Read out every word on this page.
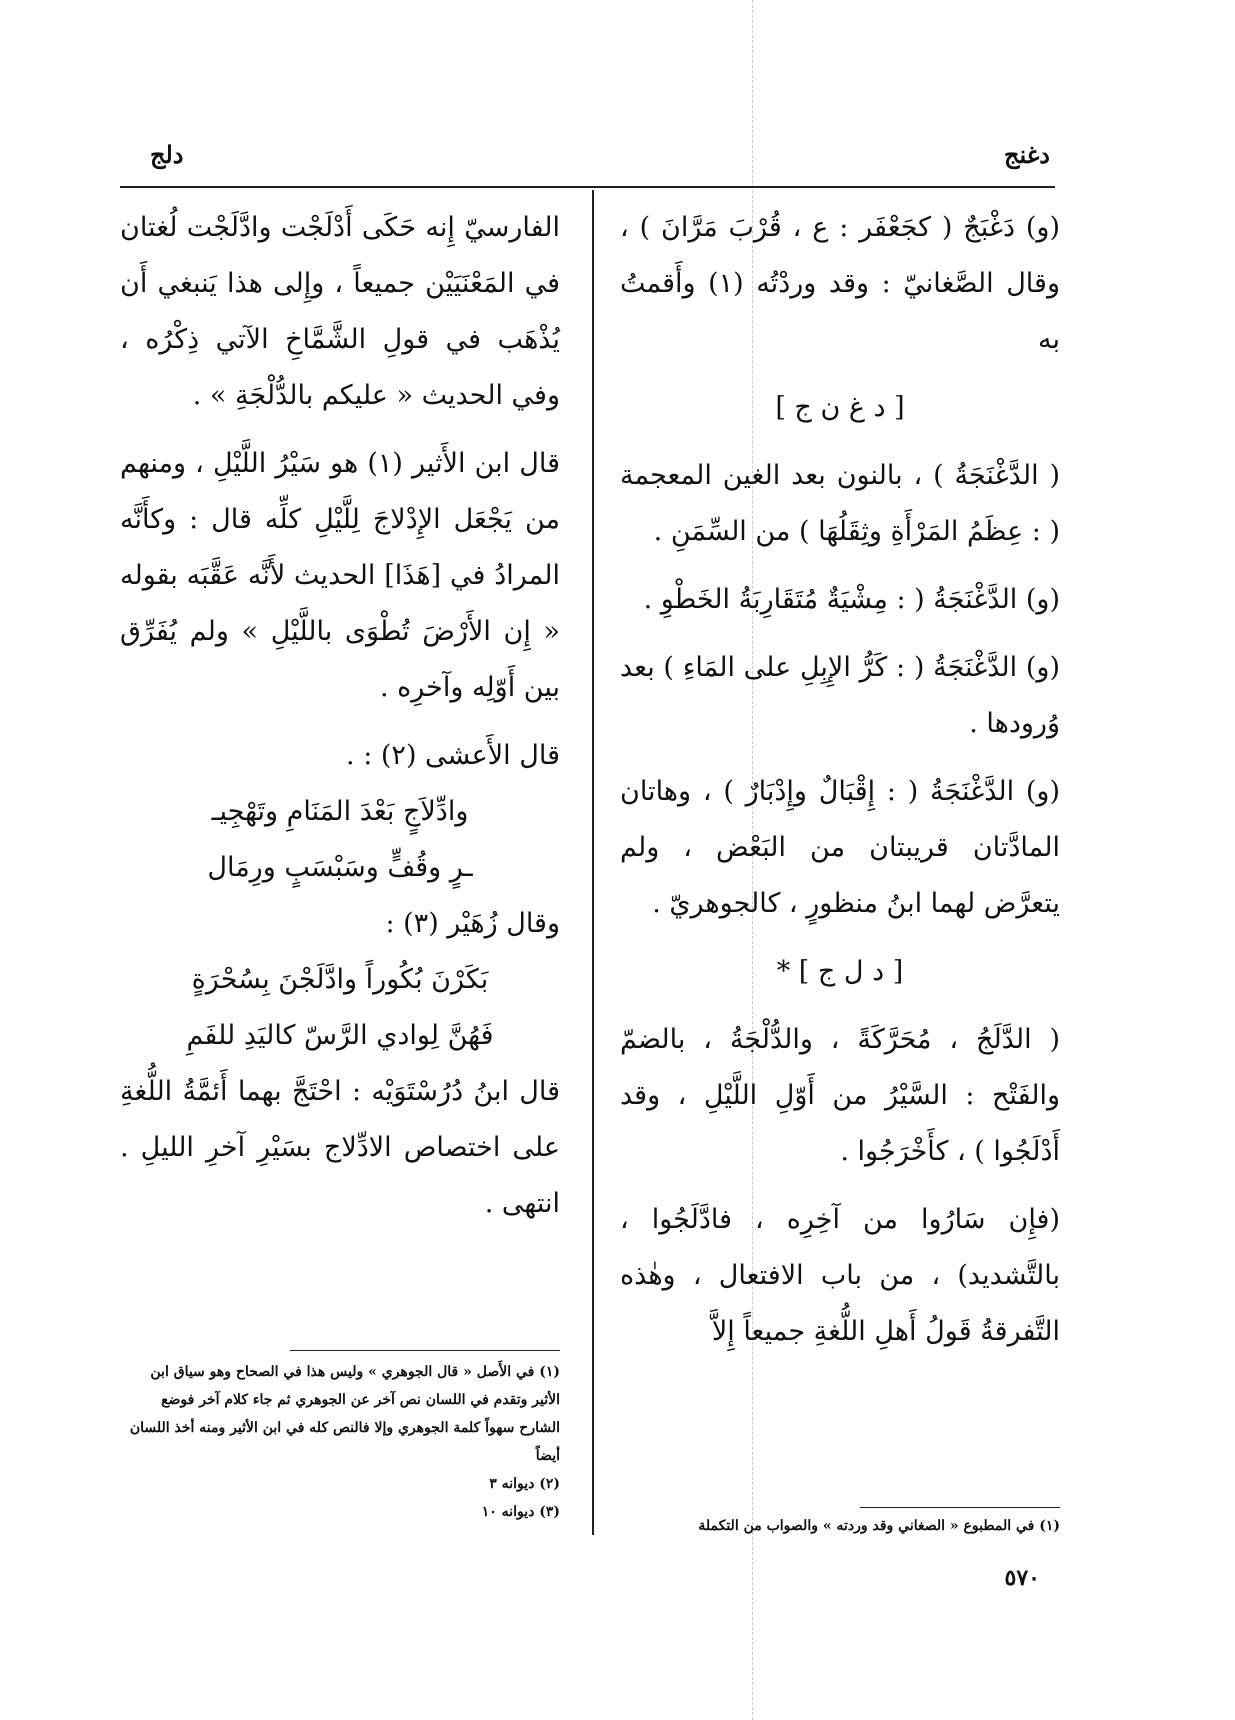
دغنج
دلج

(و) دَغْبَجٌ ( كجَعْفَر : ع ، قُرْبَ مَرَّانَ ) ، وقال الصَّغانيّ : وقد وردْتُه (١) وأَقمتُ به

[ د غ ن ج ]

( الدَّغْنَجَةُ ) ، بالنون بعد الغين المعجمة ( : عِظَمُ المَرْأَةِ وثِقَلُهَا ) من السِّمَنِ .

(و) الدَّغْنَجَةُ ( : مِشْيَةٌ مُتَقَارِبَةُ الخَطْوِ .

(و) الدَّغْنَجَةُ ( : كَرُّ الإِبِلِ على المَاءِ ) بعد وُرودها .

(و) الدَّغْنَجَةُ ( : إِقْبَالٌ وإِدْبَارٌ ) ، وهاتان المادَّتان قريبتان من البَعْض ، ولم يتعرَّض لهما ابنُ منظورٍ ، كالجوهريّ .

[ د ل ج ] *

( الدَّلَجُ ، مُحَرَّكَةً ، والدُّلْجَةُ ، بالضمّ والفَتْح : السَّيْرُ من أَوّلِ اللَّيْلِ ، وقد أَدْلَجُوا ) ، كأَخْرَجُوا .

(فإِن سَارُوا من آخِرِه ، فادَّلَجُوا ، بالتَّشديد) ، من باب الافتعال ، وهٰذه التَّفرقةُ قَولُ أَهلِ اللُّغةِ جميعاً إِلاَّ

الفارسيّ إِنه حَكَى أَدْلَجْت وادَّلَجْت لُغتان في المَعْنَيَيْن جميعاً ، وإِلى هذا يَنبغي أَن يُذْهَب في قولِ الشَّمَّاخِ الآتي ذِكْرُه ، وفي الحديث « عليكم بالدُّلْجَةِ » .

قال ابن الأَثير (١) هو سَيْرُ اللَّيْلِ ، ومنهم من يَجْعَل الإِدْلاجَ لِلَّيْلِ كلِّه قال : وكأَنَّه المرادُ في [هَذَا] الحديث لأَنَّه عَقَّبَه بقوله « إِن الأَرْضَ تُطْوَى باللَّيْلِ » ولم يُفَرِّق بين أَوّلِه وآخرِه .

قال الأَعشى (٢) : .

وادِّلاَجٍ بَعْدَ المَنَامِ وتَهْجِيـ
ـرٍ وقُفٍّ وسَبْسَبٍ ورِمَال

وقال زُهَيْر (٣) :

بَكَرْنَ بُكُوراً وادَّلَجْنَ بِسُحْرَةٍ
فَهُنَّ لِوادي الرَّسّ كاليَدِ للفَمِ

قال ابنُ دُرُسْتَوَيْه : احْتَجَّ بهما أَئمَّةُ اللُّغةِ على اختصاص الادِّلاج بسَيْرِ آخرِ الليلِ . انتهى .

(١) في الأَصل « قال الجوهري » وليس هذا في الصحاح وهو سياق ابن الأثير وتقدم في اللسان نص آخر عن الجوهري ثم جاء كلام آخر فوضع الشارح سهواً كلمة الجوهري وإلا فالنص كله في ابن الأثير ومنه أخذ اللسان أيضاً

(٢) ديوانه ٣

(٣) ديوانه ١٠

(١) في المطبوع « الصغاني وقد وردته » والصواب من التكملة

٥٧٠
